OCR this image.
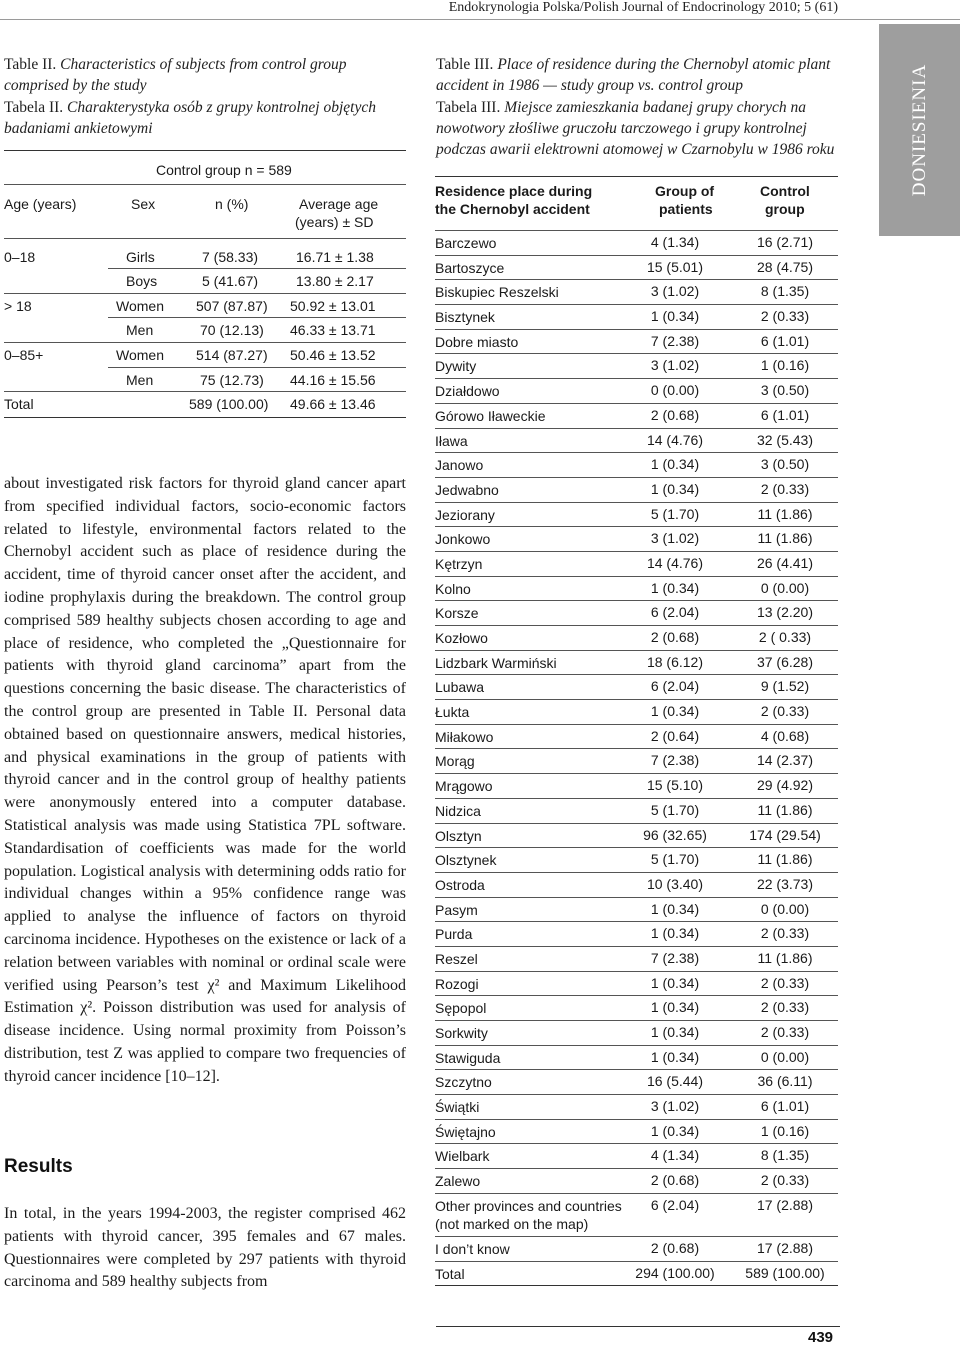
Endokrynologia Polska/Polish Journal of Endocrinology 2010; 5 (61)
DONIESIENIA
Table II. Characteristics of subjects from control group comprised by the study
Tabela II. Charakterystyka osób z grupy kontrolnej objętych badaniami ankietowymi
Control group n = 589
Age (years)	Sex	n (%)	Average age
(years) ± SD
0–18	Girls	7 (58.33)	16.71 ± 1.38
Boys	5 (41.67)	13.80 ± 2.17
> 18	Women 507 (87.87) 50.92 ± 13.01
Men	70 (12.13) 46.33 ± 13.71
0–85+	Women 514 (87.27) 50.46 ± 13.52
Men	75 (12.73) 44.16 ± 15.56
Total	589 (100.00) 49.66 ± 13.46
about investigated risk factors for thyroid gland cancer apart from specified individual factors, socio-economic factors related to lifestyle, environmental factors related to the Chernobyl accident such as place of residence during the accident, time of thyroid cancer onset after the accident, and iodine prophylaxis during the breakdown. The control group comprised 589 healthy subjects chosen according to age and place of residence, who completed the „Questionnaire for patients with thyroid gland carcinoma” apart from the questions concerning the basic disease. The characteristics of the control group are presented in Table II. Personal data obtained based on questionnaire answers, medical histories, and physical examinations in the group of patients with thyroid cancer and in the control group of healthy patients were anonymously entered into a computer database. Statistical analysis was made using Statistica 7PL software. Standardisation of coefficients was made for the world population. Logistical analysis with determining odds ratio for individual changes within a 95% confidence range was applied to analyse the influence of factors on thyroid carcinoma incidence. Hypotheses on the existence or lack of a relation between variables with nominal or ordinal scale were verified using Pearson’s test χ² and Maximum Likelihood Estimation χ². Poisson distribution was used for analysis of disease incidence. Using normal proximity from Poisson’s distribution, test Z was applied to compare two frequencies of thyroid cancer incidence [10–12].
Results
In total, in the years 1994-2003, the register comprised 462 patients with thyroid cancer, 395 females and 67 males. Questionnaires were completed by 297 patients with thyroid carcinoma and 589 healthy subjects from
Table III. Place of residence during the Chernobyl atomic plant accident in 1986 — study group vs. control group
Tabela III. Miejsce zamieszkania badanej grupy chorych na nowotwory złośliwe gruczołu tarczowego i grupy kontrolnej podczas awarii elektrowni atomowej w Czarnobylu w 1986 roku
Residence place during
the Chernobyl accident
Group of
patients
Control
group
Barczewo	4 (1.34)	16 (2.71)
Bartoszyce	15 (5.01)	28 (4.75)
Biskupiec Reszelski	3 (1.02)	8 (1.35)
Bisztynek	1 (0.34)	2 (0.33)
Dobre miasto	7 (2.38)	6 (1.01)
Dywity	3 (1.02)	1 (0.16)
Działdowo	0 (0.00)	3 (0.50)
Górowo Iławeckie	2 (0.68)	6 (1.01)
Iława	14 (4.76)	32 (5.43)
Janowo	1 (0.34)	3 (0.50)
Jedwabno	1 (0.34)	2 (0.33)
Jeziorany	5 (1.70)	11 (1.86)
Jonkowo	3 (1.02)	11 (1.86)
Kętrzyn	14 (4.76)	26 (4.41)
Kolno	1 (0.34)	0 (0.00)
Korsze	6 (2.04)	13 (2.20)
Kozłowo	2 (0.68)	2 ( 0.33)
Lidzbark Warmiński	18 (6.12)	37 (6.28)
Lubawa	6 (2.04)	9 (1.52)
Łukta	1 (0.34)	2 (0.33)
Miłakowo	2 (0.64)	4 (0.68)
Morąg	7 (2.38)	14 (2.37)
Mrągowo	15 (5.10)	29 (4.92)
Nidzica	5 (1.70)	11 (1.86)
Olsztyn	96 (32.65)	174 (29.54)
Olsztynek	5 (1.70)	11 (1.86)
Ostroda	10 (3.40)	22 (3.73)
Pasym	1 (0.34)	0 (0.00)
Purda	1 (0.34)	2 (0.33)
Reszel	7 (2.38)	11 (1.86)
Rozogi	1 (0.34)	2 (0.33)
Sępopol	1 (0.34)	2 (0.33)
Sorkwity	1 (0.34)	2 (0.33)
Stawiguda	1 (0.34)	0 (0.00)
Szczytno	16 (5.44)	36 (6.11)
Świątki	3 (1.02)	6 (1.01)
Świętajno	1 (0.34)	1 (0.16)
Wielbark	4 (1.34)	8 (1.35)
Zalewo	2 (0.68)	2 (0.33)
Other provinces and countries (not marked on the map)
6 (2.04)	17 (2.88)
I don’t know	2 (0.68)	17 (2.88)
Total	294 (100.00)	589 (100.00)
439
